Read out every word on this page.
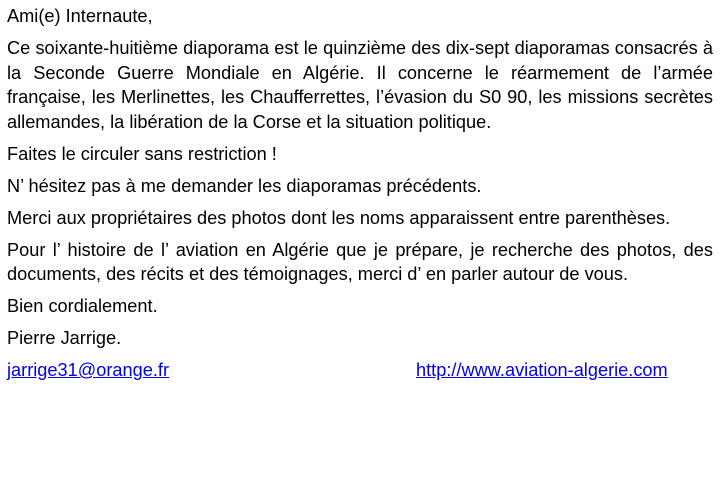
Ami(e) Internaute,

Ce soixante-huitième diaporama est le quinzième des dix-sept diaporamas consacrés à la Seconde Guerre Mondiale en Algérie. Il concerne le réarmement de l’armée française, les Merlinettes, les Chaufferrettes, l’évasion du S0 90, les missions secrètes allemandes, la libération de la Corse et la situation politique.

Faites le circuler sans restriction !

N’ hésitez pas à me demander les diaporamas précédents.

Merci aux propriétaires des photos dont les noms apparaissent entre parenthèses.

Pour l’ histoire de l’ aviation en Algérie que je prépare, je recherche des photos, des documents, des récits et des témoignages, merci d’ en parler autour de vous.

Bien cordialement.

Pierre Jarrige.

jarrige31@orange.fr	http://www.aviation-algerie.com
